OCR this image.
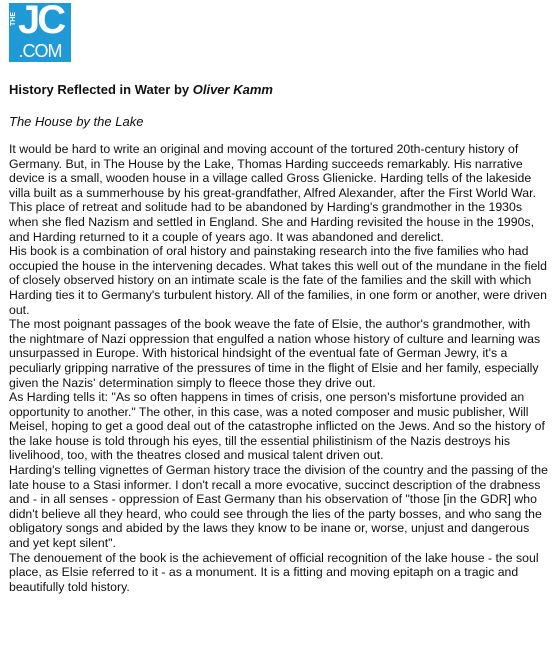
THE JC
.COM
History Reflected in Water by Oliver Kamm

The House by the Lake

It would be hard to write an original and moving account of the tortured 20th-century history of Germany. But, in The House by the Lake, Thomas Harding succeeds remarkably. His narrative device is a small, wooden house in a village called Gross Glienicke. Harding tells of the lakeside villa built as a summerhouse by his great-grandfather, Alfred Alexander, after the First World War. This place of retreat and solitude had to be abandoned by Harding's grandmother in the 1930s when she fled Nazism and settled in England. She and Harding revisited the house in the 1990s, and Harding returned to it a couple of years ago. It was abandoned and derelict.

His book is a combination of oral history and painstaking research into the five families who had occupied the house in the intervening decades. What takes this well out of the mundane in the field of closely observed history on an intimate scale is the fate of the families and the skill with which Harding ties it to Germany's turbulent history. All of the families, in one form or another, were driven out.

The most poignant passages of the book weave the fate of Elsie, the author's grandmother, with the nightmare of Nazi oppression that engulfed a nation whose history of culture and learning was unsurpassed in Europe. With historical hindsight of the eventual fate of German Jewry, it's a peculiarly gripping narrative of the pressures of time in the flight of Elsie and her family, especially given the Nazis' determination simply to fleece those they drive out.

As Harding tells it: "As so often happens in times of crisis, one person's misfortune provided an opportunity to another." The other, in this case, was a noted composer and music publisher, Will Meisel, hoping to get a good deal out of the catastrophe inflicted on the Jews. And so the history of the lake house is told through his eyes, till the essential philistinism of the Nazis destroys his livelihood, too, with the theatres closed and musical talent driven out.

Harding's telling vignettes of German history trace the division of the country and the passing of the late house to a Stasi informer. I don't recall a more evocative, succinct description of the drabness and - in all senses - oppression of East Germany than his observation of "those [in the GDR] who didn't believe all they heard, who could see through the lies of the party bosses, and who sang the obligatory songs and abided by the laws they know to be inane or, worse, unjust and dangerous and yet kept silent".

The denouement of the book is the achievement of official recognition of the lake house - the soul place, as Elsie referred to it - as a monument. It is a fitting and moving epitaph on a tragic and beautifully told history.
